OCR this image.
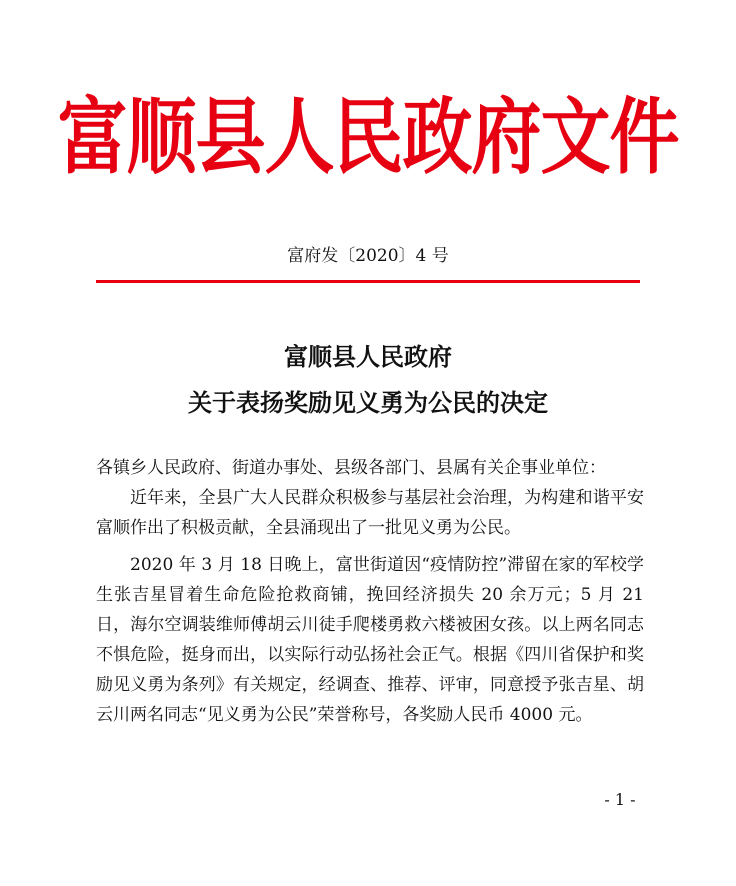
富顺县人民政府文件
富府发〔2020〕4 号
富顺县人民政府
关于表扬奖励见义勇为公民的决定
各镇乡人民政府、街道办事处、县级各部门、县属有关企事业单位：
近年来，全县广大人民群众积极参与基层社会治理，为构建和谐平安富顺作出了积极贡献，全县涌现出了一批见义勇为公民。
2020 年 3 月 18 日晚上，富世街道因“疫情防控”滞留在家的军校学生张吉星冒着生命危险抢救商铺，挽回经济损失 20 余万元；5 月 21 日，海尔空调装维师傅胡云川徒手爬楼勇救六楼被困女孩。以上两名同志不惧危险，挺身而出，以实际行动弘扬社会正气。根据《四川省保护和奖励见义勇为条列》有关规定，经调查、推荐、评审，同意授予张吉星、胡云川两名同志“见义勇为公民”荣誉称号，各奖励人民币 4000 元。
- 1 -
